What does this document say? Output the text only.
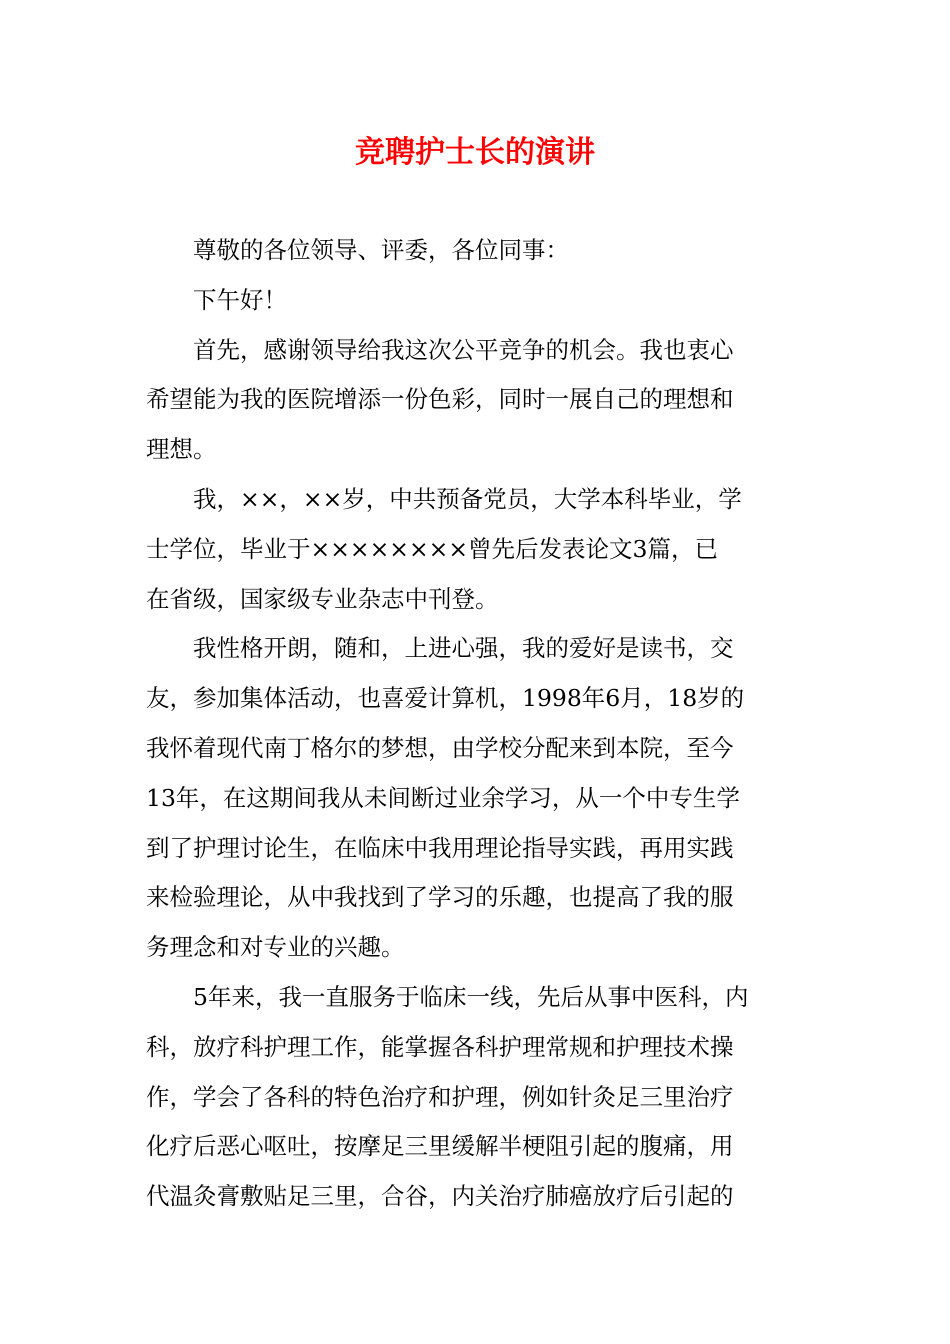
竞聘护士长的演讲

尊敬的各位领导、评委，各位同事：

下午好！

首先，感谢领导给我这次公平竞争的机会。我也衷心
希望能为我的医院增添一份色彩，同时一展自己的理想和
理想。

我，××，××岁，中共预备党员，大学本科毕业，学
士学位，毕业于××××××××曾先后发表论文3篇，已
在省级，国家级专业杂志中刊登。

我性格开朗，随和，上进心强，我的爱好是读书，交
友，参加集体活动，也喜爱计算机，1998年6月，18岁的
我怀着现代南丁格尔的梦想，由学校分配来到本院，至今
13年，在这期间我从未间断过业余学习，从一个中专生学
到了护理讨论生，在临床中我用理论指导实践，再用实践
来检验理论，从中我找到了学习的乐趣，也提高了我的服
务理念和对专业的兴趣。

5年来，我一直服务于临床一线，先后从事中医科，内
科，放疗科护理工作，能掌握各科护理常规和护理技术操
作，学会了各科的特色治疗和护理，例如针灸足三里治疗
化疗后恶心呕吐，按摩足三里缓解半梗阻引起的腹痛，用
代温灸膏敷贴足三里，合谷，内关治疗肺癌放疗后引起的
